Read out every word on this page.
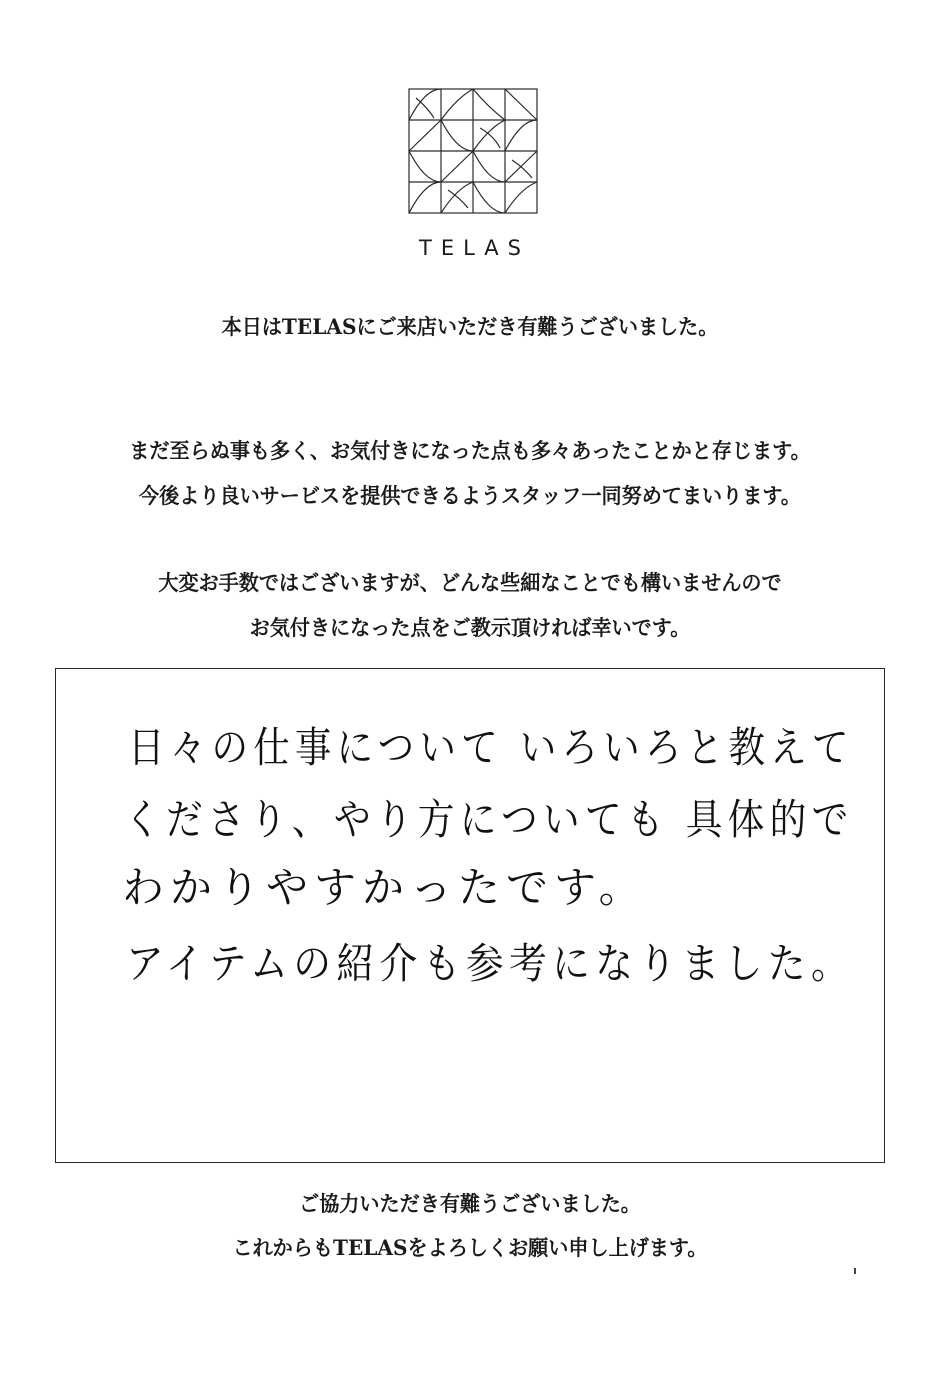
TELAS
本日はTELASにご来店いただき有難うございました。
まだ至らぬ事も多く、お気付きになった点も多々あったことかと存じます。
今後より良いサービスを提供できるようスタッフ一同努めてまいります。
大変お手数ではございますが、どんな些細なことでも構いませんので
お気付きになった点をご教示頂ければ幸いです。
日々の仕事について いろいろと教えて
くださり、やり方についても 具体的で
わかりやすかったです。
アイテムの紹介も参考になりました。
ご協力いただき有難うございました。
これからもTELASをよろしくお願い申し上げます。
